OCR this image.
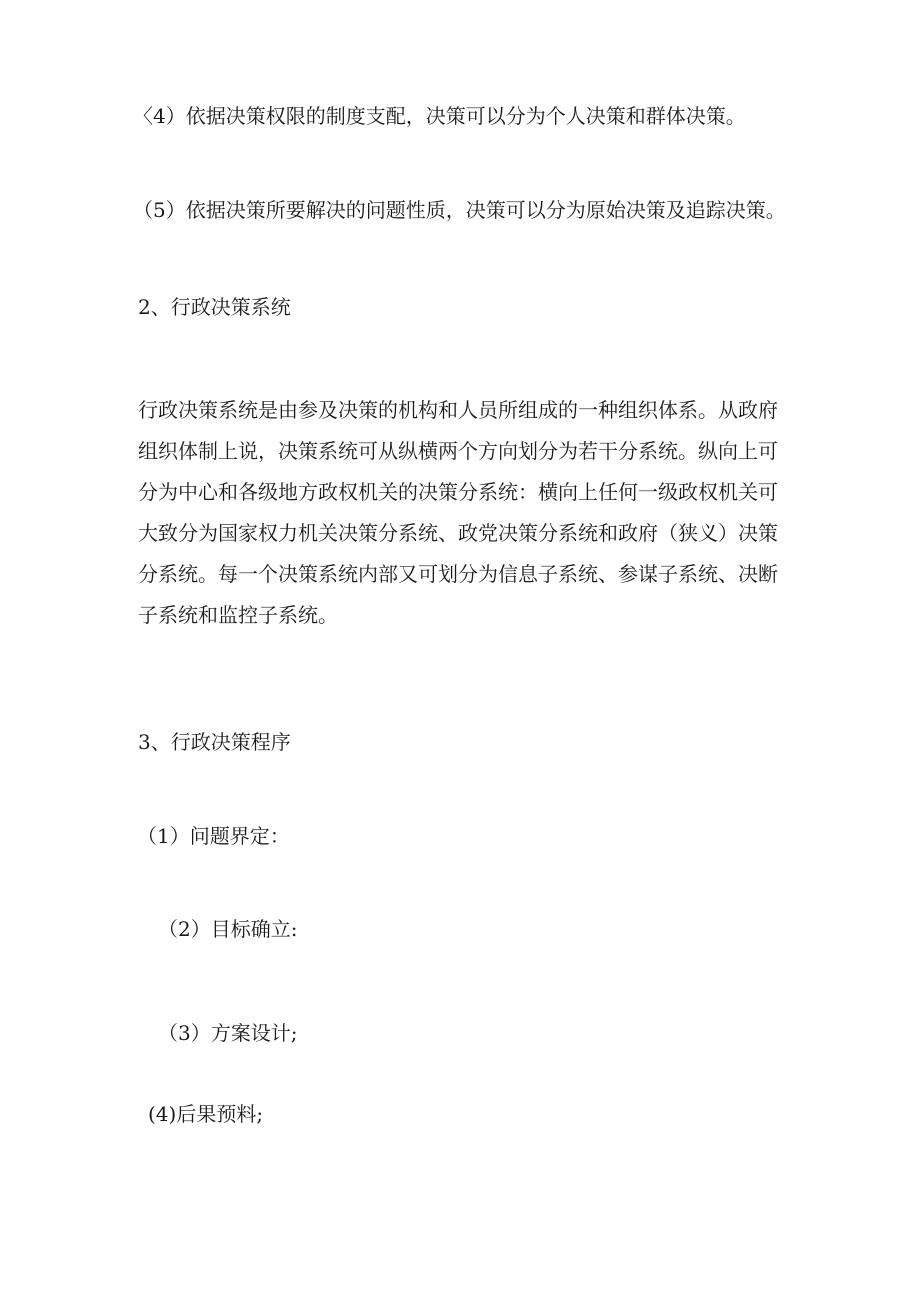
〈4）依据决策权限的制度支配，决策可以分为个人决策和群体决策。

（5）依据决策所要解决的问题性质，决策可以分为原始决策及追踪决策。

2、行政决策系统

行政决策系统是由参及决策的机构和人员所组成的一种组织体系。从政府
组织体制上说，决策系统可从纵横两个方向划分为若干分系统。纵向上可
分为中心和各级地方政权机关的决策分系统：横向上任何一级政权机关可
大致分为国家权力机关决策分系统、政党决策分系统和政府（狭义）决策
分系统。每一个决策系统内部又可划分为信息子系统、参谋子系统、决断
子系统和监控子系统。

3、行政决策程序

（1）问题界定：

（2）目标确立:

（3）方案设计;

(4)后果预料;
